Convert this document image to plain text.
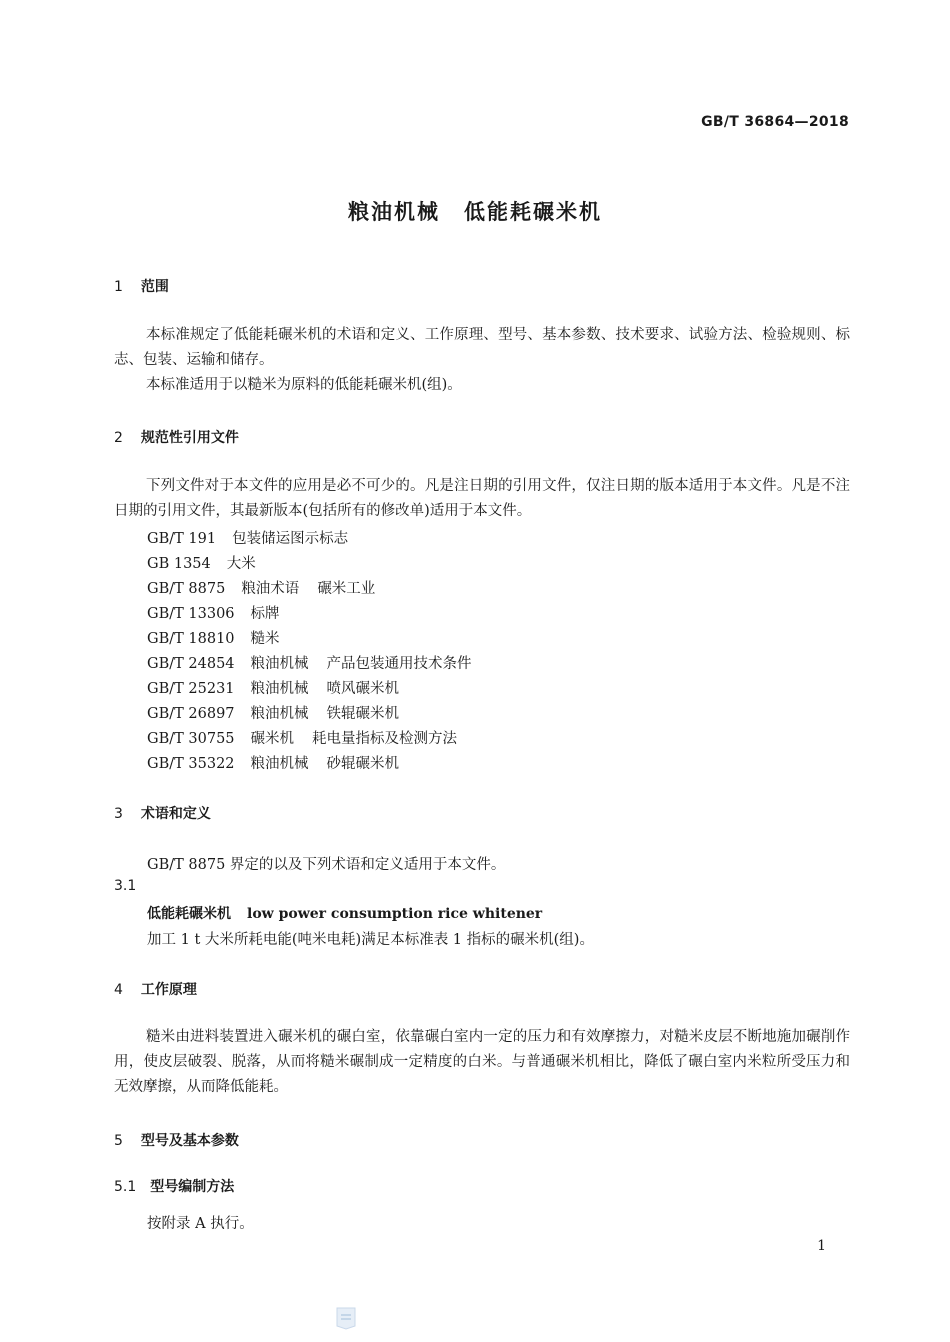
GB/T 36864—2018
粮油机械 低能耗碾米机
1 范围
本标准规定了低能耗碾米机的术语和定义、工作原理、型号、基本参数、技术要求、试验方法、检验规则、标志、包装、运输和储存。
本标准适用于以糙米为原料的低能耗碾米机(组)。
2 规范性引用文件
下列文件对于本文件的应用是必不可少的。凡是注日期的引用文件，仅注日期的版本适用于本文件。凡是不注日期的引用文件，其最新版本(包括所有的修改单)适用于本文件。
GB/T 191 包装储运图示标志
GB 1354 大米
GB/T 8875 粮油术语 碾米工业
GB/T 13306 标牌
GB/T 18810 糙米
GB/T 24854 粮油机械 产品包装通用技术条件
GB/T 25231 粮油机械 喷风碾米机
GB/T 26897 粮油机械 铁辊碾米机
GB/T 30755 碾米机 耗电量指标及检测方法
GB/T 35322 粮油机械 砂辊碾米机
3 术语和定义
GB/T 8875 界定的以及下列术语和定义适用于本文件。
3.1
低能耗碾米机 low power consumption rice whitener
加工 1 t 大米所耗电能(吨米电耗)满足本标准表 1 指标的碾米机(组)。
4 工作原理
糙米由进料装置进入碾米机的碾白室，依靠碾白室内一定的压力和有效摩擦力，对糙米皮层不断地施加碾削作用，使皮层破裂、脱落，从而将糙米碾制成一定精度的白米。与普通碾米机相比，降低了碾白室内米粒所受压力和无效摩擦，从而降低能耗。
5 型号及基本参数
5.1 型号编制方法
按附录 A 执行。
1
